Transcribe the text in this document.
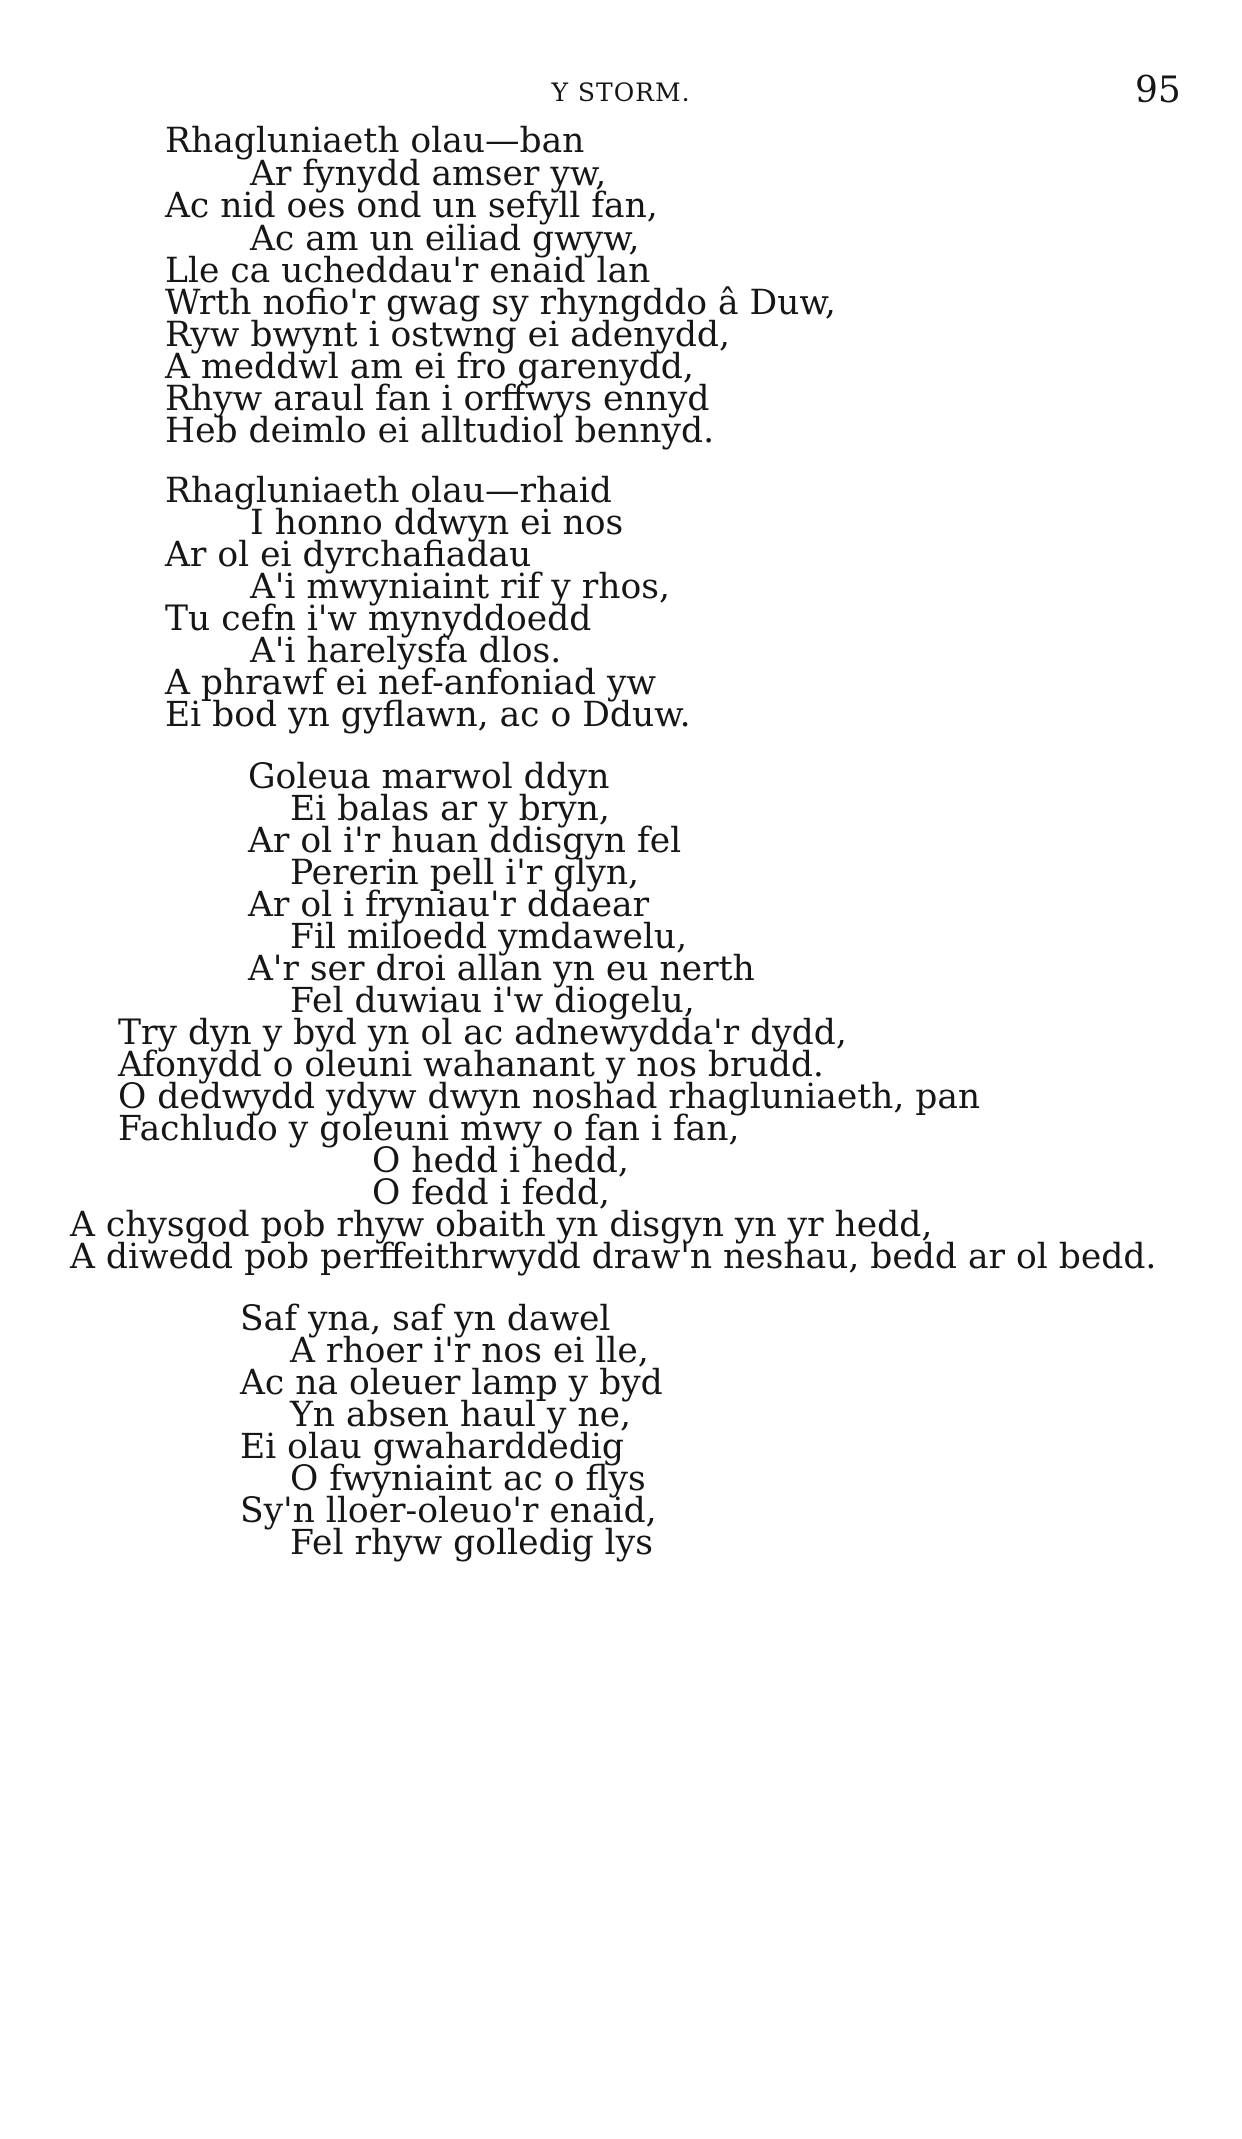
Y STORM.	95

Rhagluniaeth olau—ban

Ar fynydd amser yw,

Ac nid oes ond un sefyll fan,

Ac am un eiliad gwyw,

Lle ca ucheddau'r enaid lan

Wrth nofio'r gwag sy rhyngddo â Duw,

Ryw bwynt i ostwng ei adenydd,

A meddwl am ei fro garenydd,

Rhyw araul fan i orffwys ennyd

Heb deimlo ei alltudiol bennyd.

Rhagluniaeth olau—rhaid

I honno ddwyn ei nos

Ar ol ei dyrchafiadau

A'i mwyniaint rif y rhos,

Tu cefn i'w mynyddoedd

A'i harelysfa dlos.

A phrawf ei nef-anfoniad yw

Ei bod yn gyflawn, ac o Dduw.

Goleua marwol ddyn

Ei balas ar y bryn,

Ar ol i'r huan ddisgyn fel

Pererin pell i'r glyn,

Ar ol i fryniau'r ddaear

Fil miloedd ymdawelu,

A'r ser droi allan yn eu nerth

Fel duwiau i'w diogelu,

Try dyn y byd yn ol ac adnewydda'r dydd,

Afonydd o oleuni wahanant y nos brudd.

O dedwydd ydyw dwyn noshad rhagluniaeth, pan

Fachludo y goleuni mwy o fan i fan,

O hedd i hedd,

O fedd i fedd,

A chysgod pob rhyw obaith yn disgyn yn yr hedd,

A diwedd pob perffeithrwydd draw'n neshau, bedd ar ol bedd.

Saf yna, saf yn dawel

A rhoer i'r nos ei lle,

Ac na oleuer lamp y byd

Yn absen haul y ne,

Ei olau gwaharddedig

O fwyniaint ac o flys

Sy'n lloer-oleuo'r enaid,

Fel rhyw golledig lys
